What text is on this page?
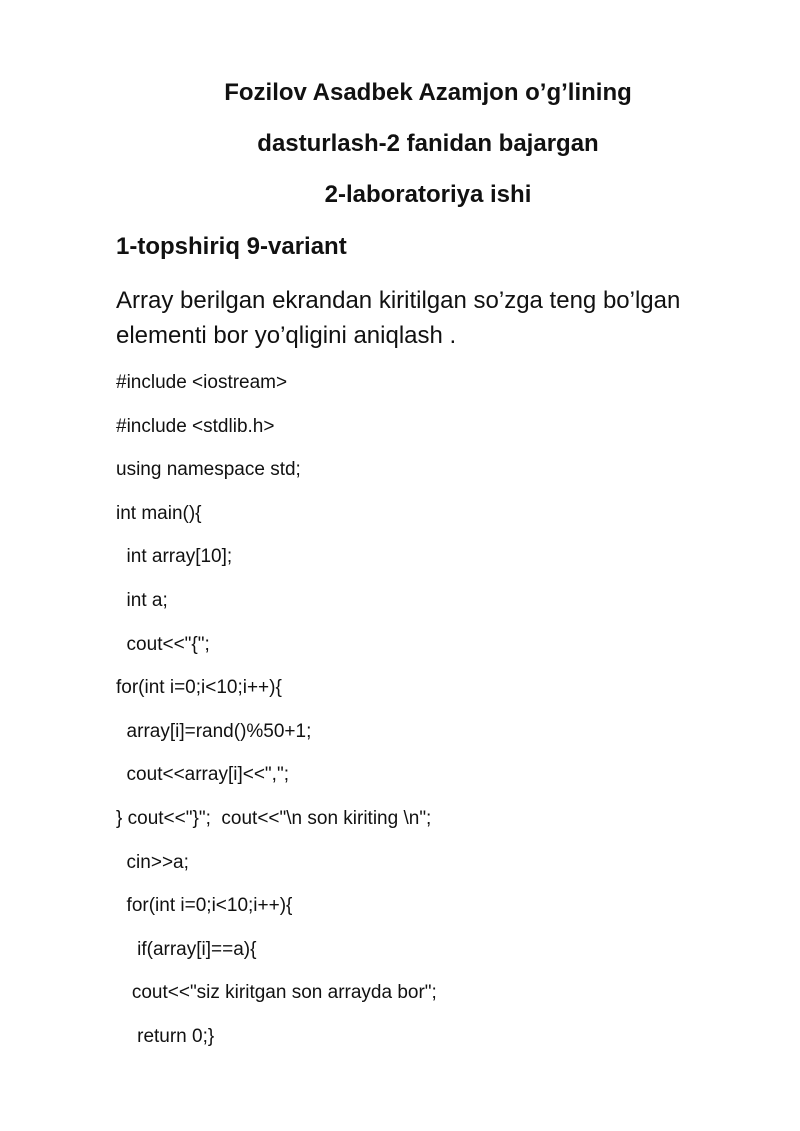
Fozilov Asadbek Azamjon o’g’lining
dasturlash-2 fanidan bajargan
2-laboratoriya ishi
1-topshiriq 9-variant
Array berilgan ekrandan kiritilgan so’zga teng bo’lgan elementi bor yo’qligini aniqlash .
#include <iostream>
#include <stdlib.h>
using namespace std;
int main(){
int array[10];
int a;
cout<<"{";
for(int i=0;i<10;i++){
array[i]=rand()%50+1;
cout<<array[i]<<",";
} cout<<"}";  cout<<"\n son kiriting \n";
cin>>a;
for(int i=0;i<10;i++){
if(array[i]==a){
cout<<"siz kiritgan son arrayda bor";
return 0;}
